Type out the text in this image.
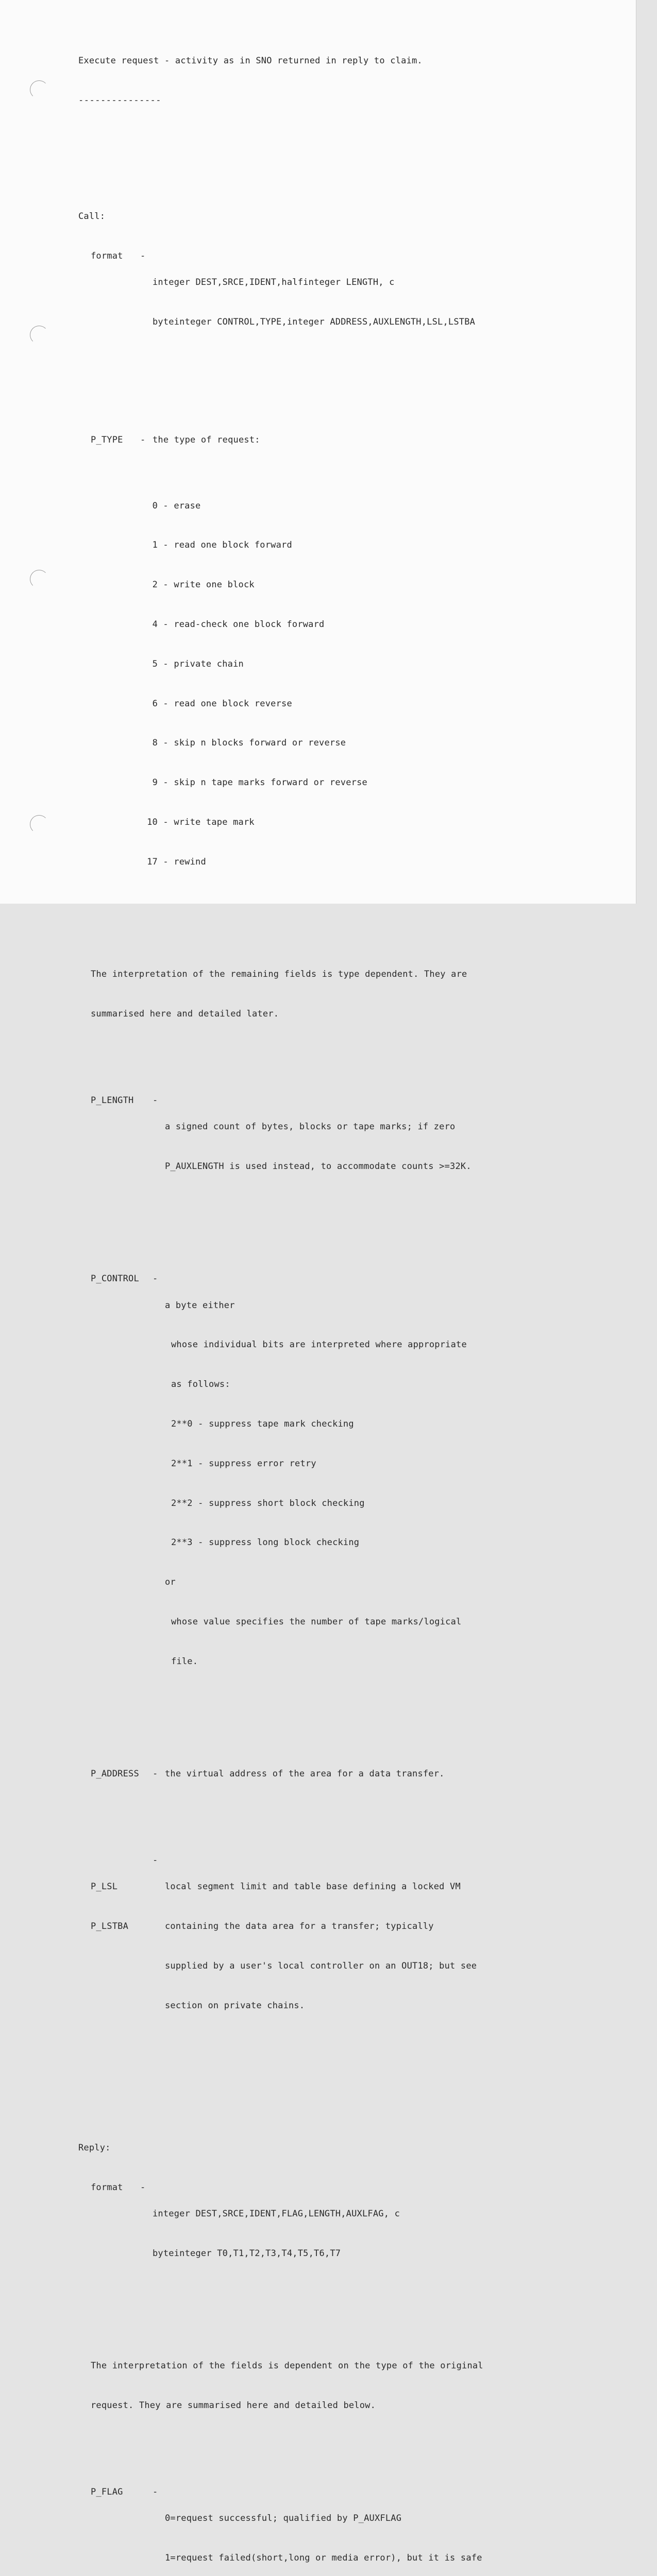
Execute request - activity as in SNO returned in reply to claim.

---------------

Call:

format	-

integer DEST,SRCE,IDENT,halfinteger LENGTH, c

byteinteger CONTROL,TYPE,integer ADDRESS,AUXLENGTH,LSL,LSTBA

P_TYPE	- the type of request:

0 - erase

1 - read one block forward

2 - write one block

4 - read-check one block forward

5 - private chain

6 - read one block reverse

8 - skip n blocks forward or reverse

9 - skip n tape marks forward or reverse

10 - write tape mark

17 - rewind

The interpretation of the remaining fields is type dependent. They are

summarised here and detailed later.

P_LENGTH	-

a signed count of bytes, blocks or tape marks; if zero

P_AUXLENGTH is used instead, to accommodate counts >=32K.

P_CONTROL	-

a byte either

whose individual bits are interpreted where appropriate

as follows:

2**0 - suppress tape mark checking

2**1 - suppress error retry

2**2 - suppress short block checking

2**3 - suppress long block checking

or

whose value specifies the number of tape marks/logical

file.

P_ADDRESS	- the virtual address of the area for a data transfer.

P_LSL

P_LSTBA

-

local segment limit and table base defining a locked VM

containing the data area for a transfer; typically

supplied by a user's local controller on an OUT18; but see

section on private chains.

Reply:

format	-

integer DEST,SRCE,IDENT,FLAG,LENGTH,AUXLFAG, c

byteinteger T0,T1,T2,T3,T4,T5,T6,T7

The interpretation of the fields is dependent on the type of the original

request. They are summarised here and detailed below.

P_FLAG	-

0=request successful; qualified by P_AUXFLAG

1=request failed(short,long or media error), but it is safe
